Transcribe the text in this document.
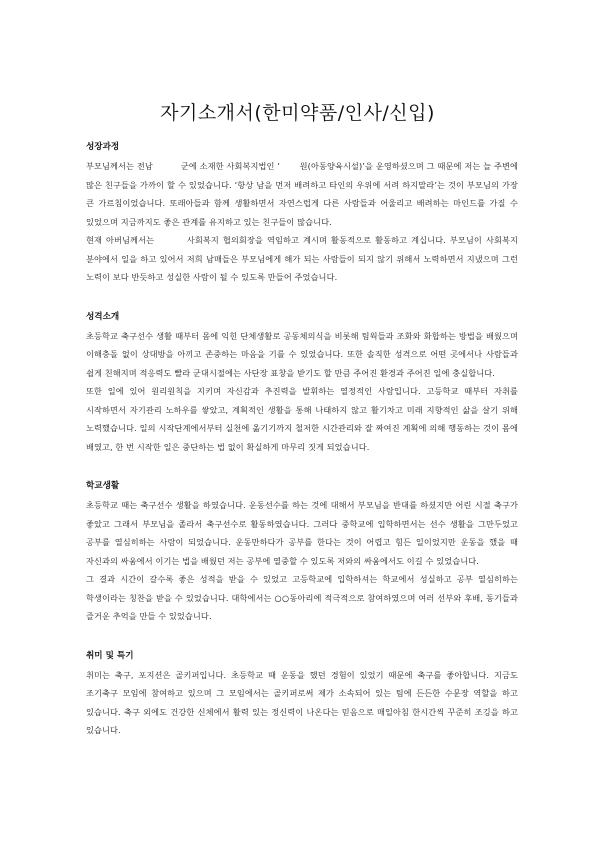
자기소개서(한미약품/인사/신입)
성장과정

부모님께서는 전남 　　　군에 소재한 사회복지법인 ‘ 　　원(아동양육시설)’을 운영하셨으며 그 때문에 저는 늘 주변에 많은 친구들을 가까이 할 수 있었습니다. ‘항상 남을 먼저 배려하고 타인의 우위에 서려 하지말라’는 것이 부모님의 가장 큰 가르침이었습니다. 또래아들과 함께 생활하면서 자연스럽게 다른 사람들과 어울리고 배려하는 마인드를 가질 수 있었으며 지금까지도 좋은 관계를 유지하고 있는 친구들이 많습니다.

현재 아버님께서는 　　　사회복지 협의회장을 역임하고 계시며 활동적으로 활동하고 계십니다. 부모님이 사회복지 분야에서 일을 하고 있어서 저희 남매들은 부모님에게 해가 되는 사람들이 되지 않기 위해서 노력하면서 지냈으며 그런 노력이 보다 반듯하고 성실한 사람이 될 수 있도록 만들어 주었습니다.

성격소개

초등학교 축구선수 생활 때부터 몸에 익힌 단체생활로 공동체의식을 비롯해 팀웍들과 조화와 화합하는 방법을 배웠으며 이해충돌 없이 상대방을 아끼고 존중하는 마음을 기를 수 있었습니다. 또한 솔직한 성격으로 어떤 곳에서나 사람들과 쉽게 친해지며 적응력도 빨라 군대시절에는 사단장 표창을 받기도 할 만큼 주어진 환경과 주어진 일에 충실합니다.

또한 일에 있어 원리원칙을 지키며 자신감과 추진력을 발휘하는 열정적인 사람입니다. 고등학교 때부터 자취를 시작하면서 자기관리 노하우를 쌓았고, 계획적인 생활을 통해 나태하지 않고 활기차고 미래 지향적인 삶을 살기 위해 노력했습니다. 일의 시작단계에서부터 실천에 옮기기까지 철저한 시간관리와 잘 짜여진 계획에 의해 행동하는 것이 몸에 배였고, 한 번 시작한 일은 중단하는 법 없이 확실하게 마무리 짓게 되었습니다.

학교생활

초등학교 때는 축구선수 생활을 하였습니다. 운동선수를 하는 것에 대해서 부모님을 반대를 하셨지만 어린 시절 축구가 좋았고 그래서 부모님을 졸라서 축구선수로 활동하였습니다. 그러다 중학교에 입학하면서는 선수 생활을 그만두었고 공부를 열심히하는 사람이 되었습니다. 운동만하다가 공부를 한다는 것이 어렵고 힘든 일이었지만 운동을 했을 때 자신과의 싸움에서 이기는 법을 배웠던 저는 공부에 열중할 수 있도록 저와의 싸움에서도 이길 수 있었습니다.

그 결과 시간이 갈수록 좋은 성적을 받을 수 있었고 고등학교에 입학하셔는 학교에서 성실하고 공부 열심히하는 학생이라는 칭찬을 받을 수 있었습니다. 대학에서는 ○○동아리에 적극적으로 참여하였으며 여러 선부와 후배, 동기들과 즐거운 추억을 만들 수 있었습니다.

취미 및 특기

취미는 축구, 포지션은 골키퍼입니다. 초등학교 때 운동을 했던 경험이 있었기 때문에 축구를 좋아합니다. 지금도 조기축구 모임에 참여하고 있으며 그 모임에서는 골키퍼로써 제가 소속되어 있는 팀에 든든한 수문장 역할을 하고 있습니다. 축구 외에도 건강한 신체에서 활력 있는 정신력이 나온다는 믿음으로 매일아침 한시간씩 꾸준히 조깅을 하고 있습니다.
